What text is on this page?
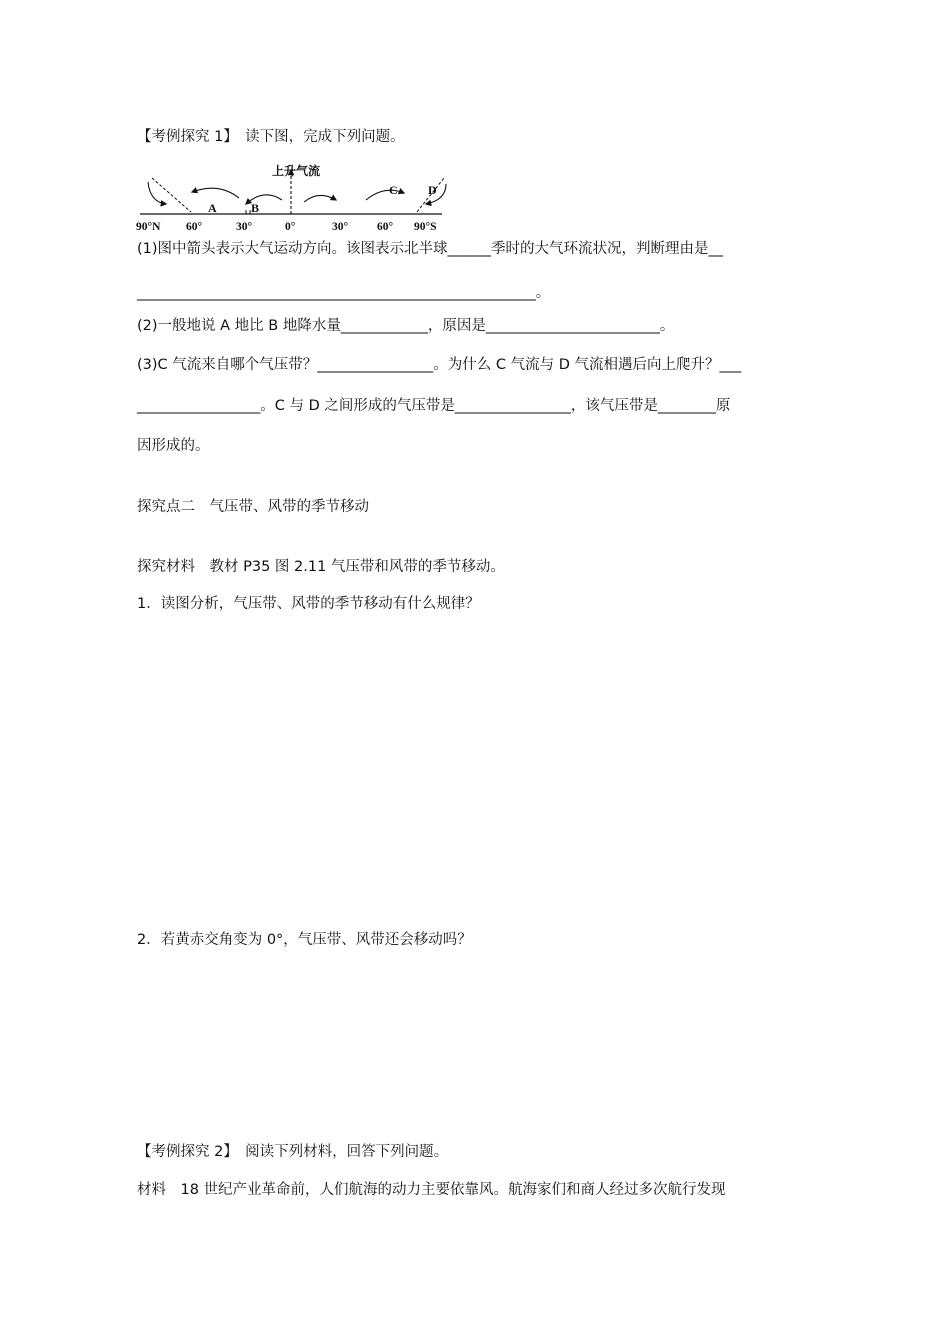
【考例探究 1】　读下图，完成下列问题。
上升 气流
A	B
C	D
90°N 60°	30°	0°	30°	60° 90°S
(1)图中箭头表示大气运动方向。该图表示北半球______季时的大气环流状况，判断理由是__
_______________________________________________________。
(2)一般地说 A 地比 B 地降水量____________，原因是________________________。
(3)C 气流来自哪个气压带？________________。为什么 C 气流与 D 气流相遇后向上爬升？___
_________________。C 与 D 之间形成的气压带是________________，该气压带是________原
因形成的。
探究点二　气压带、风带的季节移动
探究材料　教材 P35 图 2.11 气压带和风带的季节移动。
1．读图分析，气压带、风带的季节移动有什么规律？
2．若黄赤交角变为 0°，气压带、风带还会移动吗？
【考例探究 2】　阅读下列材料，回答下列问题。
材料　18 世纪产业革命前，人们航海的动力主要依靠风。航海家们和商人经过多次航行发现
